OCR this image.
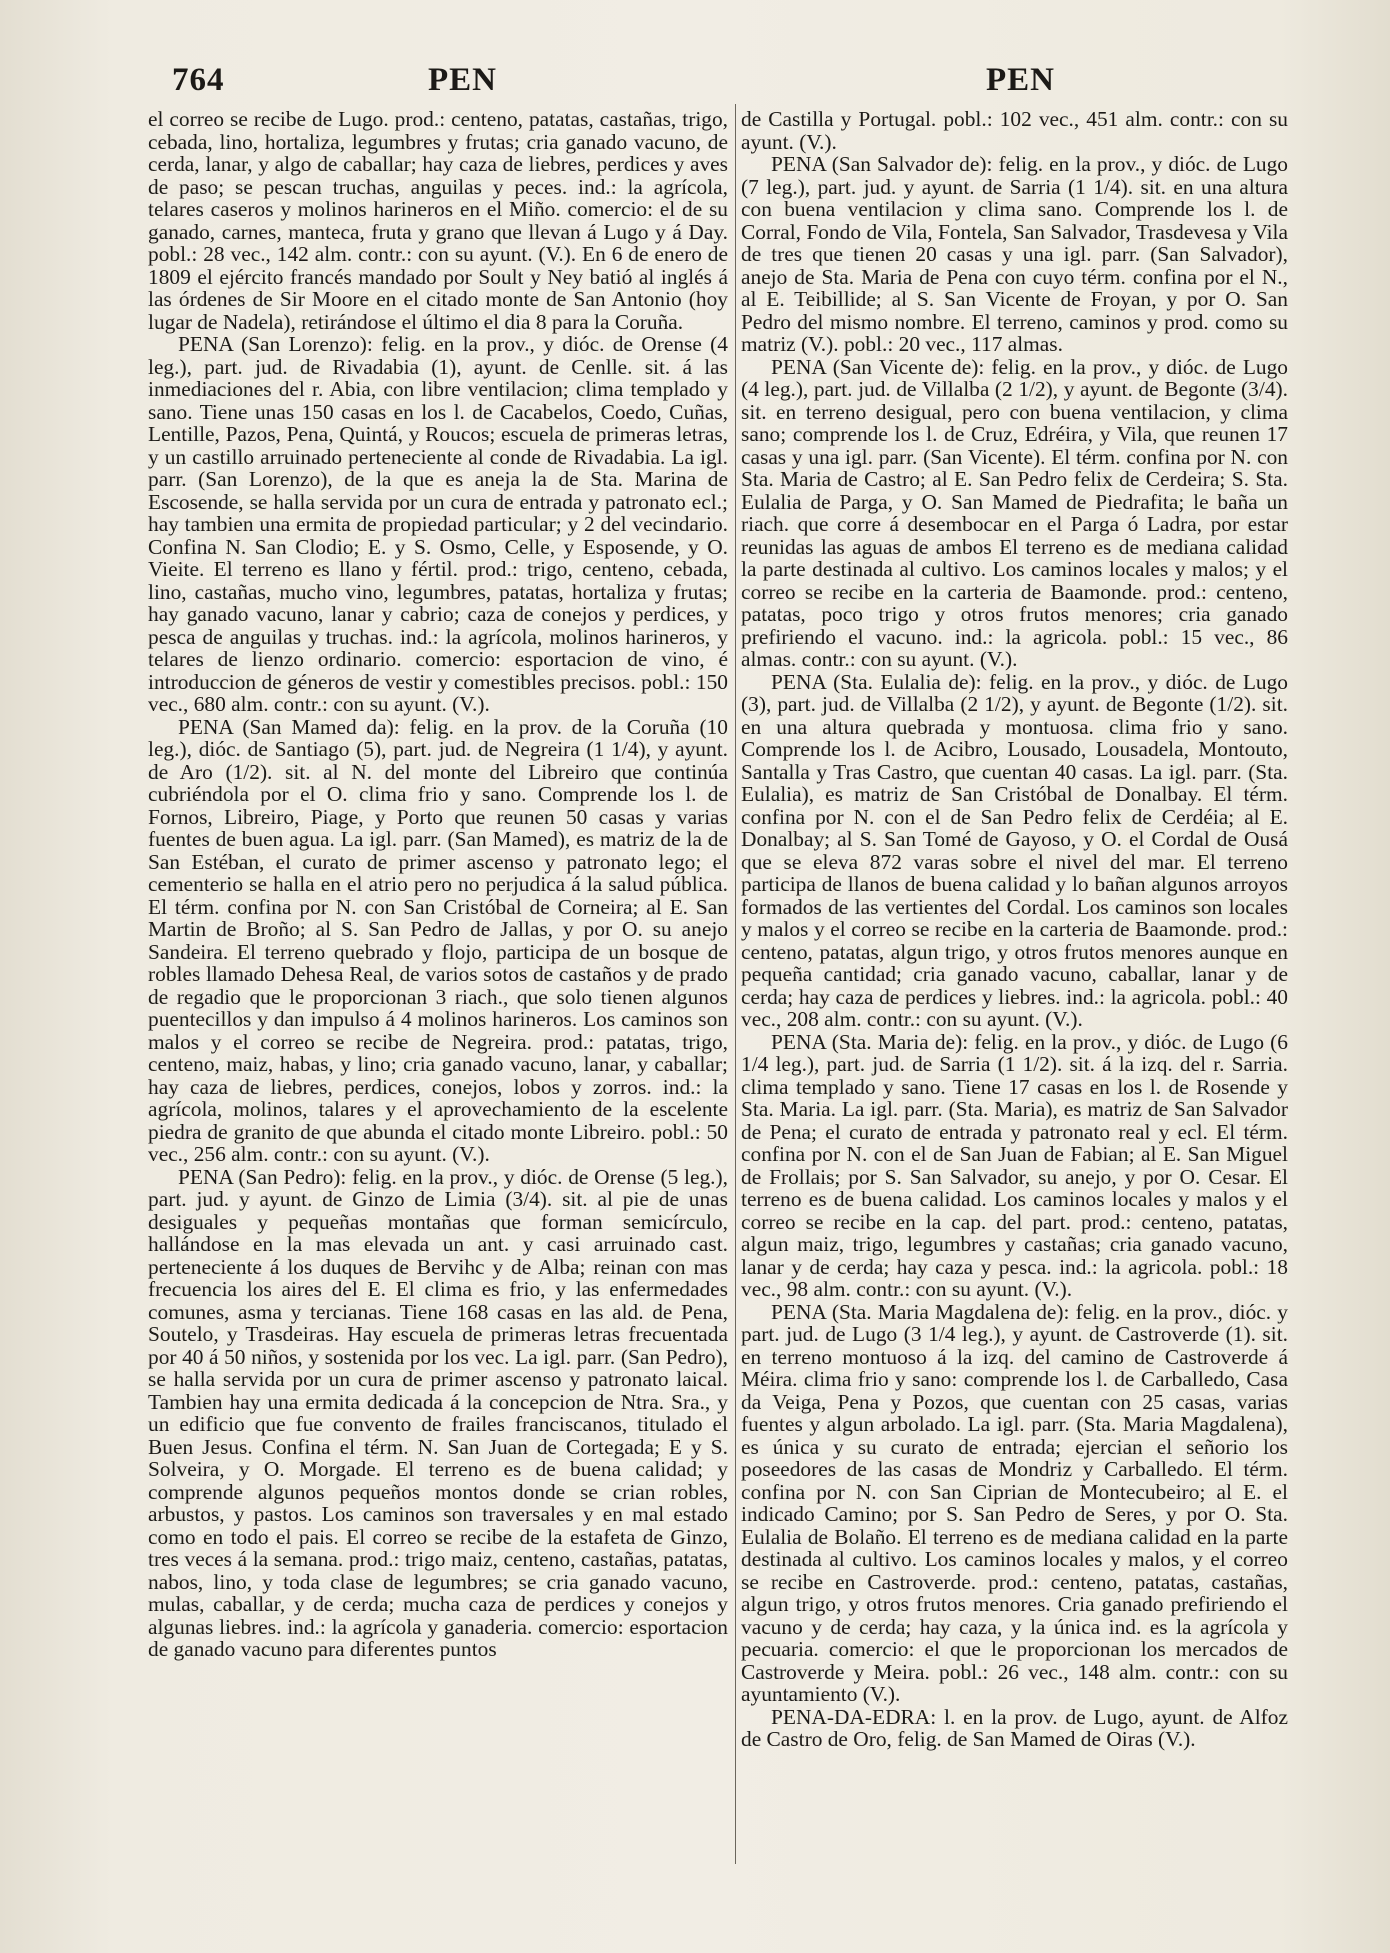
764	PEN	PEN

el correo se recibe de Lugo. prod.: centeno, patatas, castañas, trigo, cebada, lino, hortaliza, legumbres y frutas; cria ganado vacuno, de cerda, lanar, y algo de caballar; hay caza de liebres, perdices y aves de paso; se pescan truchas, anguilas y peces. ind.: la agrícola, telares caseros y molinos harineros en el Miño. comercio: el de su ganado, carnes, manteca, fruta y grano que llevan á Lugo y á Day. pobl.: 28 vec., 142 alm. contr.: con su ayunt. (V.). En 6 de enero de 1809 el ejército francés mandado por Soult y Ney batió al inglés á las órdenes de Sir Moore en el citado monte de San Antonio (hoy lugar de Nadela), retirándose el último el dia 8 para la Coruña.

PENA (San Lorenzo): felig. en la prov., y dióc. de Orense (4 leg.), part. jud. de Rivadabia (1), ayunt. de Cenlle. sit. á las inmediaciones del r. Abia, con libre ventilacion; clima templado y sano. Tiene unas 150 casas en los l. de Cacabelos, Coedo, Cuñas, Lentille, Pazos, Pena, Quintá, y Roucos; escuela de primeras letras, y un castillo arruinado perteneciente al conde de Rivadabia. La igl. parr. (San Lorenzo), de la que es aneja la de Sta. Marina de Escosende, se halla servida por un cura de entrada y patronato ecl.; hay tambien una ermita de propiedad particular; y 2 del vecindario. Confina N. San Clodio; E. y S. Osmo, Celle, y Esposende, y O. Vieite. El terreno es llano y fértil. prod.: trigo, centeno, cebada, lino, castañas, mucho vino, legumbres, patatas, hortaliza y frutas; hay ganado vacuno, lanar y cabrio; caza de conejos y perdices, y pesca de anguilas y truchas. ind.: la agrícola, molinos harineros, y telares de lienzo ordinario. comercio: esportacion de vino, é introduccion de géneros de vestir y comestibles precisos. pobl.: 150 vec., 680 alm. contr.: con su ayunt. (V.).

PENA (San Mamed da): felig. en la prov. de la Coruña (10 leg.), dióc. de Santiago (5), part. jud. de Negreira (1 1/4), y ayunt. de Aro (1/2). sit. al N. del monte del Libreiro que continúa cubriéndola por el O. clima frio y sano. Comprende los l. de Fornos, Libreiro, Piage, y Porto que reunen 50 casas y varias fuentes de buen agua. La igl. parr. (San Mamed), es matriz de la de San Estéban, el curato de primer ascenso y patronato lego; el cementerio se halla en el atrio pero no perjudica á la salud pública. El térm. confina por N. con San Cristóbal de Corneira; al E. San Martin de Broño; al S. San Pedro de Jallas, y por O. su anejo Sandeira. El terreno quebrado y flojo, participa de un bosque de robles llamado Dehesa Real, de varios sotos de castaños y de prado de regadio que le proporcionan 3 riach., que solo tienen algunos puentecillos y dan impulso á 4 molinos harineros. Los caminos son malos y el correo se recibe de Negreira. prod.: patatas, trigo, centeno, maiz, habas, y lino; cria ganado vacuno, lanar, y caballar; hay caza de liebres, perdices, conejos, lobos y zorros. ind.: la agrícola, molinos, talares y el aprovechamiento de la escelente piedra de granito de que abunda el citado monte Libreiro. pobl.: 50 vec., 256 alm. contr.: con su ayunt. (V.).

PENA (San Pedro): felig. en la prov., y dióc. de Orense (5 leg.), part. jud. y ayunt. de Ginzo de Limia (3/4). sit. al pie de unas desiguales y pequeñas montañas que forman semicírculo, hallándose en la mas elevada un ant. y casi arruinado cast. perteneciente á los duques de Bervihc y de Alba; reinan con mas frecuencia los aires del E. El clima es frio, y las enfermedades comunes, asma y tercianas. Tiene 168 casas en las ald. de Pena, Soutelo, y Trasdeiras. Hay escuela de primeras letras frecuentada por 40 á 50 niños, y sostenida por los vec. La igl. parr. (San Pedro), se halla servida por un cura de primer ascenso y patronato laical. Tambien hay una ermita dedicada á la concepcion de Ntra. Sra., y un edificio que fue convento de frailes franciscanos, titulado el Buen Jesus. Confina el térm. N. San Juan de Cortegada; E y S. Solveira, y O. Morgade. El terreno es de buena calidad; y comprende algunos pequeños montos donde se crian robles, arbustos, y pastos. Los caminos son traversales y en mal estado como en todo el pais. El correo se recibe de la estafeta de Ginzo, tres veces á la semana. prod.: trigo maiz, centeno, castañas, patatas, nabos, lino, y toda clase de legumbres; se cria ganado vacuno, mulas, caballar, y de cerda; mucha caza de perdices y conejos y algunas liebres. ind.: la agrícola y ganaderia. comercio: esportacion de ganado vacuno para diferentes puntos

de Castilla y Portugal. pobl.: 102 vec., 451 alm. contr.: con su ayunt. (V.).

PENA (San Salvador de): felig. en la prov., y dióc. de Lugo (7 leg.), part. jud. y ayunt. de Sarria (1 1/4). sit. en una altura con buena ventilacion y clima sano. Comprende los l. de Corral, Fondo de Vila, Fontela, San Salvador, Trasdevesa y Vila de tres que tienen 20 casas y una igl. parr. (San Salvador), anejo de Sta. Maria de Pena con cuyo térm. confina por el N., al E. Teibillide; al S. San Vicente de Froyan, y por O. San Pedro del mismo nombre. El terreno, caminos y prod. como su matriz (V.). pobl.: 20 vec., 117 almas.

PENA (San Vicente de): felig. en la prov., y dióc. de Lugo (4 leg.), part. jud. de Villalba (2 1/2), y ayunt. de Begonte (3/4). sit. en terreno desigual, pero con buena ventilacion, y clima sano; comprende los l. de Cruz, Edréira, y Vila, que reunen 17 casas y una igl. parr. (San Vicente). El térm. confina por N. con Sta. Maria de Castro; al E. San Pedro felix de Cerdeira; S. Sta. Eulalia de Parga, y O. San Mamed de Piedrafita; le baña un riach. que corre á desembocar en el Parga ó Ladra, por estar reunidas las aguas de ambos El terreno es de mediana calidad la parte destinada al cultivo. Los caminos locales y malos; y el correo se recibe en la carteria de Baamonde. prod.: centeno, patatas, poco trigo y otros frutos menores; cria ganado prefiriendo el vacuno. ind.: la agricola. pobl.: 15 vec., 86 almas. contr.: con su ayunt. (V.).

PENA (Sta. Eulalia de): felig. en la prov., y dióc. de Lugo (3), part. jud. de Villalba (2 1/2), y ayunt. de Begonte (1/2). sit. en una altura quebrada y montuosa. clima frio y sano. Comprende los l. de Acibro, Lousado, Lousadela, Montouto, Santalla y Tras Castro, que cuentan 40 casas. La igl. parr. (Sta. Eulalia), es matriz de San Cristóbal de Donalbay. El térm. confina por N. con el de San Pedro felix de Cerdéia; al E. Donalbay; al S. San Tomé de Gayoso, y O. el Cordal de Ousá que se eleva 872 varas sobre el nivel del mar. El terreno participa de llanos de buena calidad y lo bañan algunos arroyos formados de las vertientes del Cordal. Los caminos son locales y malos y el correo se recibe en la carteria de Baamonde. prod.: centeno, patatas, algun trigo, y otros frutos menores aunque en pequeña cantidad; cria ganado vacuno, caballar, lanar y de cerda; hay caza de perdices y liebres. ind.: la agricola. pobl.: 40 vec., 208 alm. contr.: con su ayunt. (V.).

PENA (Sta. Maria de): felig. en la prov., y dióc. de Lugo (6 1/4 leg.), part. jud. de Sarria (1 1/2). sit. á la izq. del r. Sarria. clima templado y sano. Tiene 17 casas en los l. de Rosende y Sta. Maria. La igl. parr. (Sta. Maria), es matriz de San Salvador de Pena; el curato de entrada y patronato real y ecl. El térm. confina por N. con el de San Juan de Fabian; al E. San Miguel de Frollais; por S. San Salvador, su anejo, y por O. Cesar. El terreno es de buena calidad. Los caminos locales y malos y el correo se recibe en la cap. del part. prod.: centeno, patatas, algun maiz, trigo, legumbres y castañas; cria ganado vacuno, lanar y de cerda; hay caza y pesca. ind.: la agricola. pobl.: 18 vec., 98 alm. contr.: con su ayunt. (V.).

PENA (Sta. Maria Magdalena de): felig. en la prov., dióc. y part. jud. de Lugo (3 1/4 leg.), y ayunt. de Castroverde (1). sit. en terreno montuoso á la izq. del camino de Castroverde á Méira. clima frio y sano: comprende los l. de Carballedo, Casa da Veiga, Pena y Pozos, que cuentan con 25 casas, varias fuentes y algun arbolado. La igl. parr. (Sta. Maria Magdalena), es única y su curato de entrada; ejercian el señorio los poseedores de las casas de Mondriz y Carballedo. El térm. confina por N. con San Ciprian de Montecubeiro; al E. el indicado Camino; por S. San Pedro de Seres, y por O. Sta. Eulalia de Bolaño. El terreno es de mediana calidad en la parte destinada al cultivo. Los caminos locales y malos, y el correo se recibe en Castroverde. prod.: centeno, patatas, castañas, algun trigo, y otros frutos menores. Cria ganado prefiriendo el vacuno y de cerda; hay caza, y la única ind. es la agrícola y pecuaria. comercio: el que le proporcionan los mercados de Castroverde y Meira. pobl.: 26 vec., 148 alm. contr.: con su ayuntamiento (V.).

PENA-DA-EDRA: l. en la prov. de Lugo, ayunt. de Alfoz de Castro de Oro, felig. de San Mamed de Oiras (V.).
